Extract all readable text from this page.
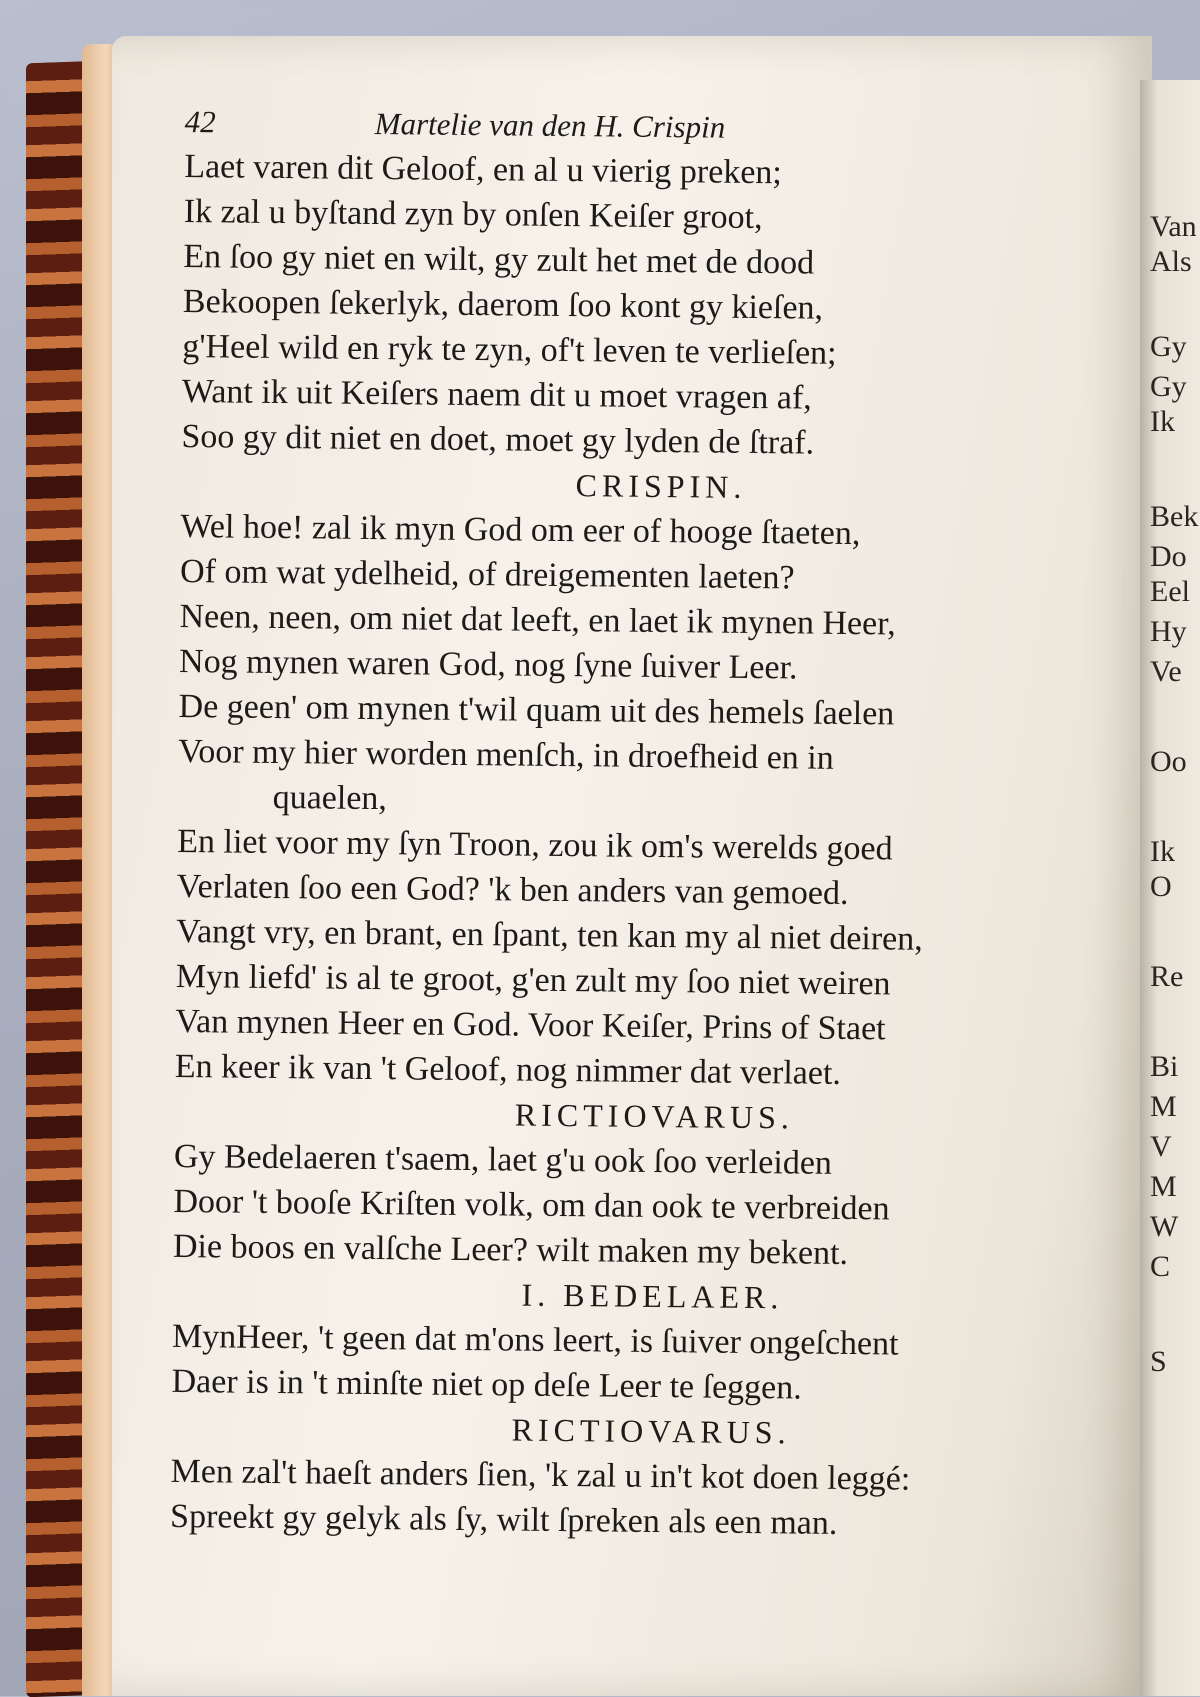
Van
Als
Gy
Gy
Ik
Bek
Do
Eel
Hy
Ve
Oo
Ik
O
Re
Bi
M
V
M
W
C
S
42	Martelie van den H. Crispin
Laet varen dit Geloof, en al u vierig preken;
Ik zal u byſtand zyn by onſen Keiſer groot,
En ſoo gy niet en wilt, gy zult het met de dood
Bekoopen ſekerlyk, daerom ſoo kont gy kieſen,
g'Heel wild en ryk te zyn, of't leven te verlieſen;
Want ik uit Keiſers naem dit u moet vragen af,
Soo gy dit niet en doet, moet gy lyden de ſtraf.
CRISPIN.
Wel hoe! zal ik myn God om eer of hooge ſtaeten,
Of om wat ydelheid, of dreigementen laeten?
Neen, neen, om niet dat leeft, en laet ik mynen Heer,
Nog mynen waren God, nog ſyne ſuiver Leer.
De geen' om mynen t'wil quam uit des hemels ſaelen
Voor my hier worden menſch, in droefheid en in
quaelen,
En liet voor my ſyn Troon, zou ik om's werelds goed
Verlaten ſoo een God? 'k ben anders van gemoed.
Vangt vry, en brant, en ſpant, ten kan my al niet deiren,
Myn liefd' is al te groot, g'en zult my ſoo niet weiren
Van mynen Heer en God. Voor Keiſer, Prins of Staet
En keer ik van 't Geloof, nog nimmer dat verlaet.
RICTIOVARUS.
Gy Bedelaeren t'saem, laet g'u ook ſoo verleiden
Door 't booſe Kriſten volk, om dan ook te verbreiden
Die boos en valſche Leer? wilt maken my bekent.
I. BEDELAER.
MynHeer, 't geen dat m'ons leert, is ſuiver ongeſchent
Daer is in 't minſte niet op deſe Leer te ſeggen.
RICTIOVARUS.
Men zal't haeſt anders ſien, 'k zal u in't kot doen leggé:
Spreekt gy gelyk als ſy, wilt ſpreken als een man.
